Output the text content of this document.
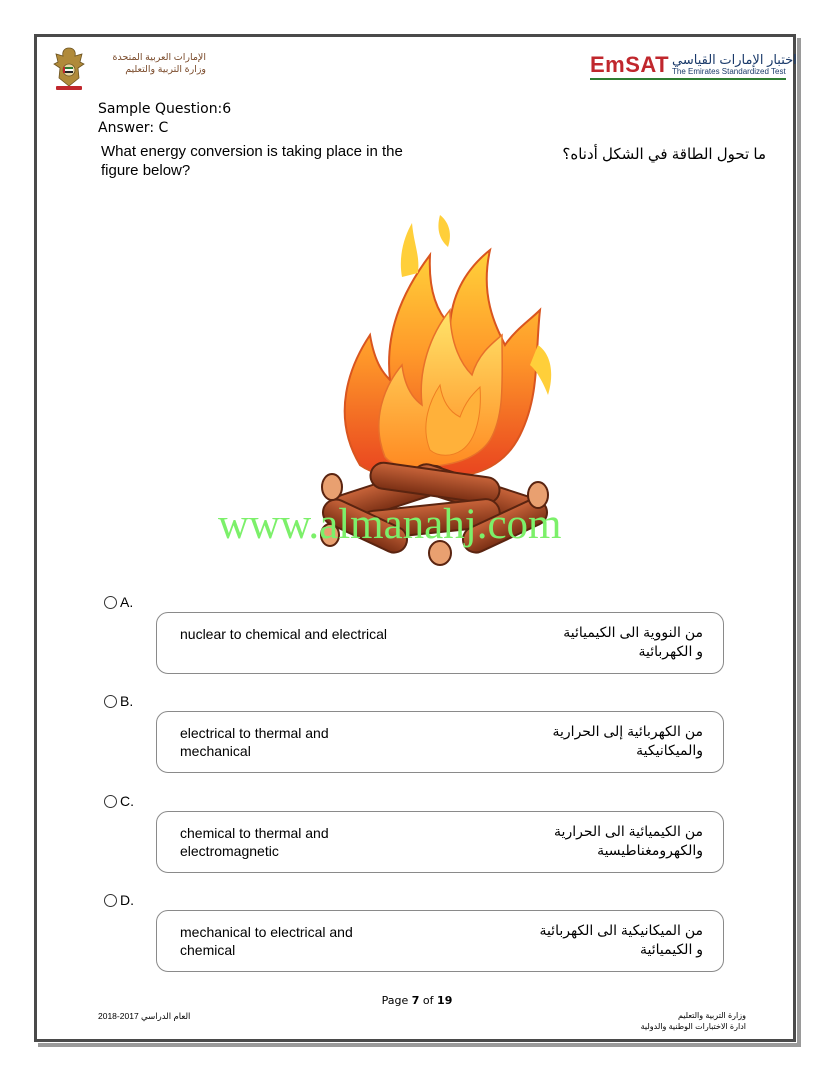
الإمارات العربية المتحدة
وزارة التربية والتعليم	EmSAT اختبار الإمارات القياسي
The Emirates Standardized Test
Sample Question:6
Answer: C
What energy conversion is taking place in the figure below?
ما تحول الطاقة في الشكل أدناه؟
www.almanahj.com
A.
nuclear to chemical and electrical	من النووية الى الكيميائية
و الكهربائية
B.
electrical to thermal and mechanical
من الكهربائية إلى الحرارية
والميكانيكية
C.
chemical to thermal and electromagnetic
من الكيميائية الى الحرارية
والكهرومغناطيسية
D.
mechanical to electrical and chemical
من الميكانيكية الى الكهربائية
و الكيميائية
Page 7 of 19
العام الدراسي 2017-2018	وزارة التربية والتعليم
ادارة الاختبارات الوطنية والدولية
